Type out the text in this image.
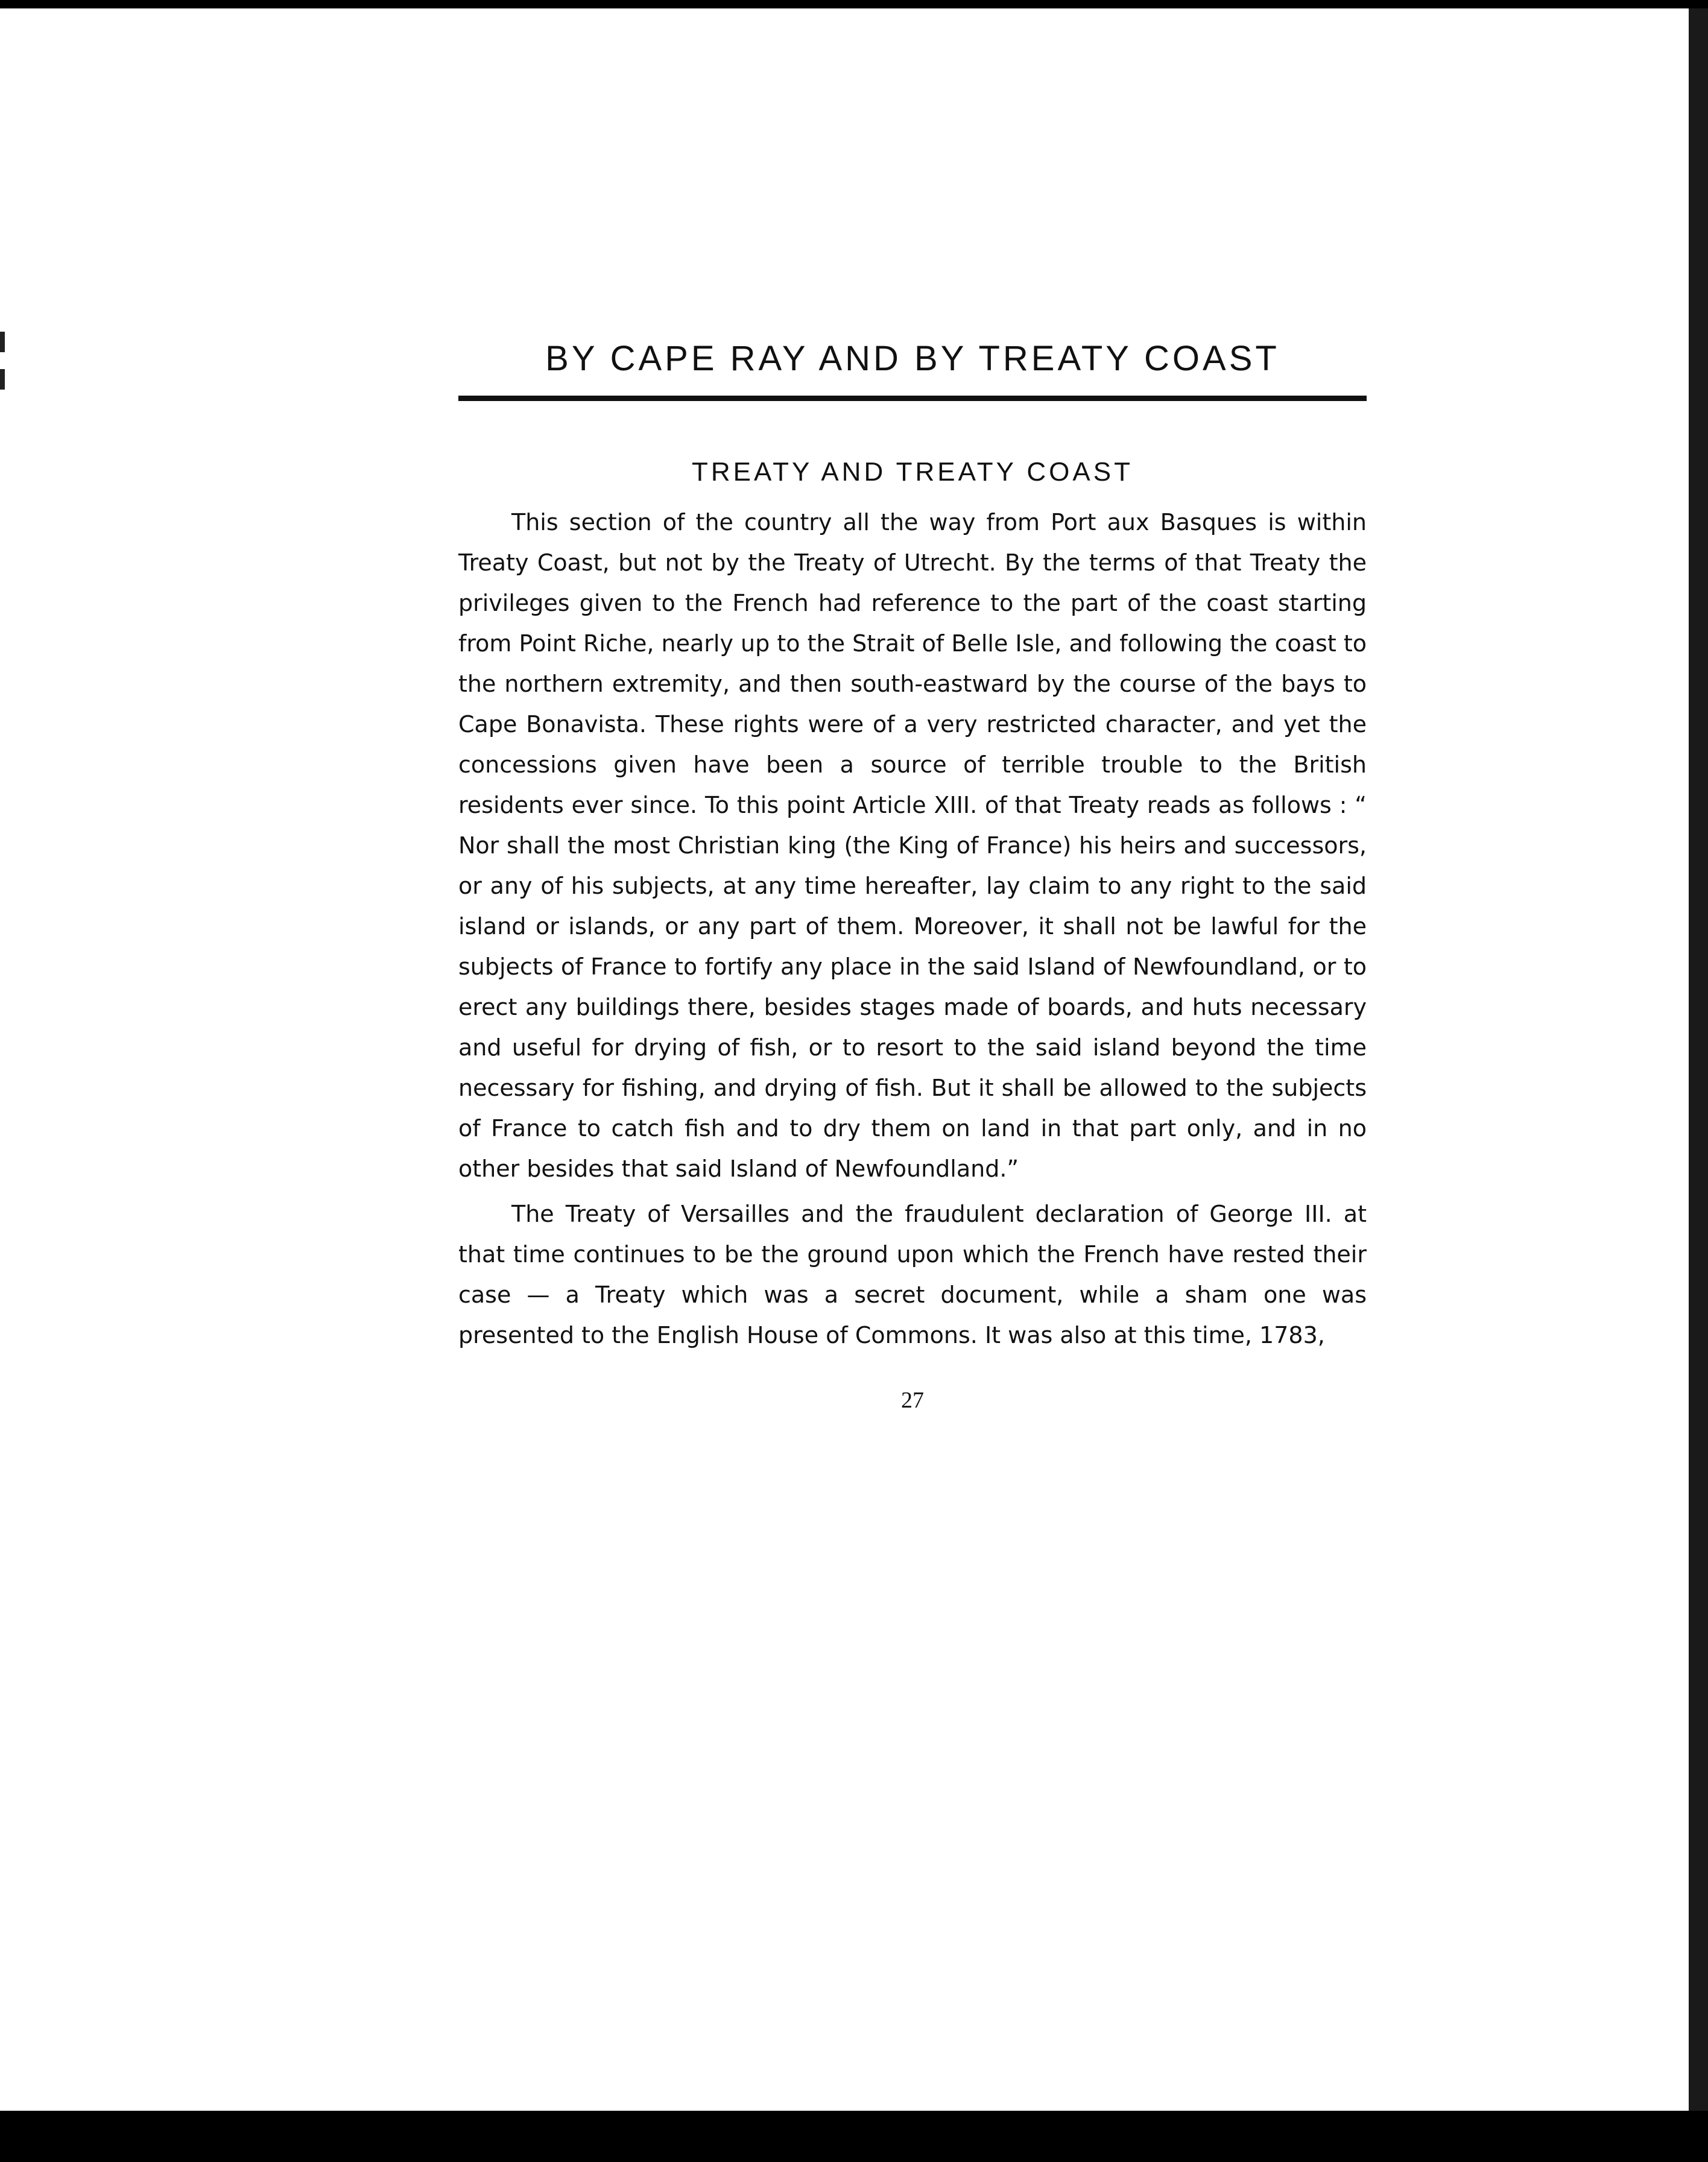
BY CAPE RAY AND BY TREATY COAST
TREATY AND TREATY COAST

This section of the country all the way from Port aux Basques is within Treaty Coast, but not by the Treaty of Utrecht. By the terms of that Treaty the privileges given to the French had reference to the part of the coast starting from Point Riche, nearly up to the Strait of Belle Isle, and following the coast to the northern extremity, and then south-eastward by the course of the bays to Cape Bonavista. These rights were of a very restricted character, and yet the concessions given have been a source of terrible trouble to the British residents ever since. To this point Article XIII. of that Treaty reads as follows : “ Nor shall the most Christian king (the King of France) his heirs and successors, or any of his subjects, at any time hereafter, lay claim to any right to the said island or islands, or any part of them. Moreover, it shall not be lawful for the subjects of France to fortify any place in the said Island of Newfoundland, or to erect any buildings there, besides stages made of boards, and huts necessary and useful for drying of fish, or to resort to the said island beyond the time necessary for fishing, and drying of fish. But it shall be allowed to the subjects of France to catch fish and to dry them on land in that part only, and in no other besides that said Island of Newfoundland.”

The Treaty of Versailles and the fraudulent declaration of George III. at that time continues to be the ground upon which the French have rested their case — a Treaty which was a secret document, while a sham one was presented to the English House of Commons. It was also at this time, 1783,

27
